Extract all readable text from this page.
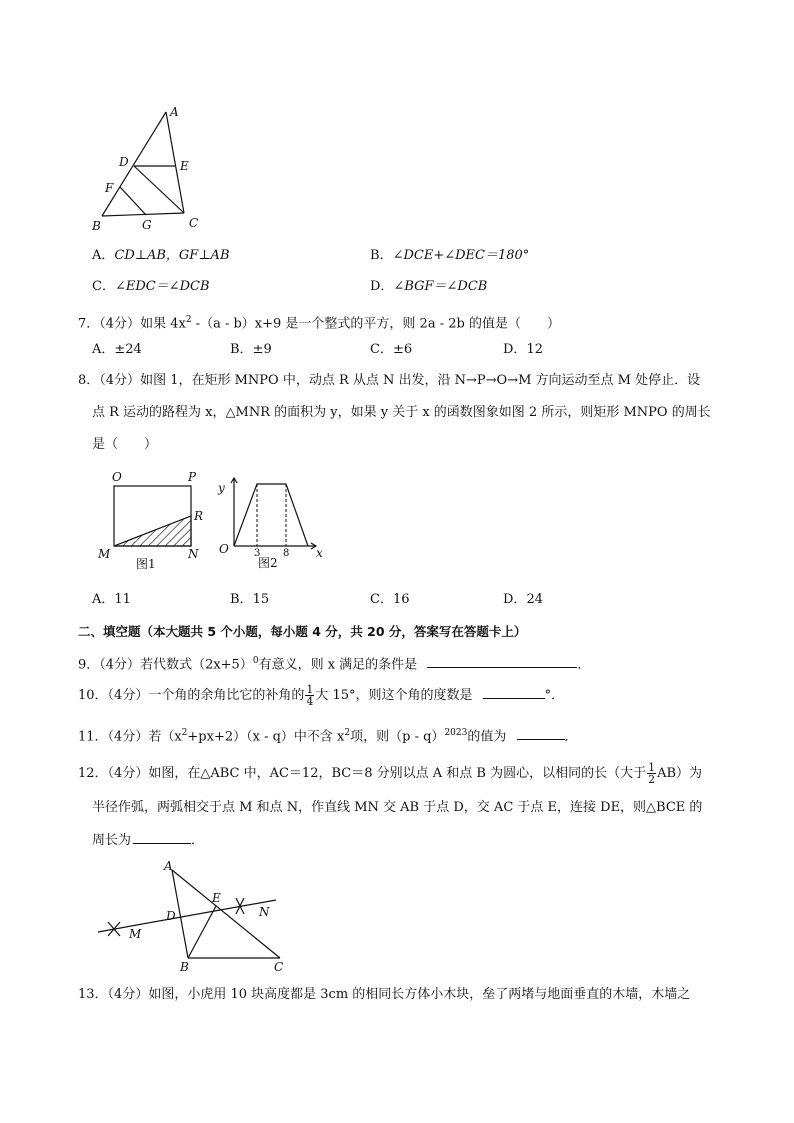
A
D	E
F
B	G	C
A．CD⊥AB，GF⊥AB	B．∠DCE+∠DEC＝180°
C．∠EDC＝∠DCB	D．∠BGF＝∠DCB
7．（4分）如果 $4x^2$ -（a - b）x+9 是一个整式的平方，则 2a - 2b 的值是（　　）
A．±24	B．±9	C．±6	D．12
8．（4分）如图 1，在矩形 MNPO 中，动点 R 从点 N 出发，沿 N→P→O→M 方向运动至点 M 处停止．设
点 R 运动的路程为 x，△MNR 的面积为 y，如果 y 关于 x 的函数图象如图 2 所示，则矩形 MNPO 的周长
是（　　）
O	P
R
M	N
图1
y
O	3 8 x
图2
A．11	B．15	C．16	D．24
二、填空题（本大题共 5 个小题，每小题 4 分，共 20 分，答案写在答题卡上）
9．（4分）若代数式$(2x+5)^0$有意义，则 x 满足的条件是	．
10．（4分）一个角的余角比它的补角的 $\frac{1}{4}$ 大 15°，则这个角的度数是	°．
11．（4分）若$(x^2+px+2)(x - q)$中不含 $x^2$项，则（p - q）$^{2023}$的值为	．
12．（4分）如图，在△ABC 中，AC＝12，BC＝8 分别以点 A 和点 B 为圆心，以相同的长（大于 $\frac{1}{2} AB$）为
半径作弧，两弧相交于点 M 和点 N，作直线 MN 交 AB 于点 D，交 AC 于点 E，连接 DE，则△BCE 的
周长为	．
A
D
E
N
M
B	C
13．（4分）如图，小虎用 10 块高度都是 3cm 的相同长方体小木块，垒了两堵与地面垂直的木墙，木墙之
